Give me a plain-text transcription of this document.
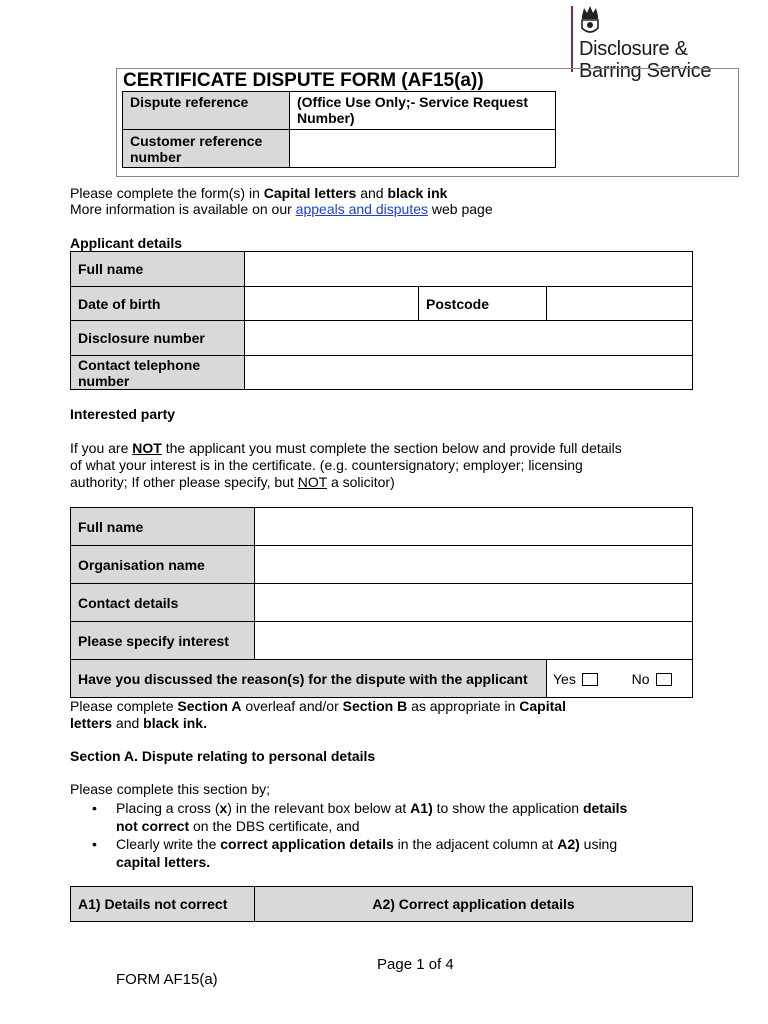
Disclosure &
Barring Service
CERTIFICATE DISPUTE FORM (AF15(a))
Dispute reference	(Office Use Only;- Service Request Number)
Customer reference number	
Please complete the form(s) in Capital letters and black ink
More information is available on our appeals and disputes web page
Applicant details
Full name			
Date of birth		Postcode	
Disclosure number			
Contact telephone number			
Interested party
If you are NOT the applicant you must complete the section below and provide full details
of what your interest is in the certificate. (e.g. countersignatory; employer; licensing
authority; If other please specify, but NOT a solicitor)
Full name		
Organisation name		
Contact details		
Please specify interest		
Have you discussed the reason(s) for the dispute with the applicant		Yes No
Please complete Section A overleaf and/or Section B as appropriate in Capital
letters and black ink.
Section A. Dispute relating to personal details
Please complete this section by;
• Placing a cross (x) in the relevant box below at A1) to show the application details
not correct on the DBS certificate, and
• Clearly write the correct application details in the adjacent column at A2) using
capital letters.
A1) Details not correct	A2) Correct application details
Page 1 of 4
FORM AF15(a)
